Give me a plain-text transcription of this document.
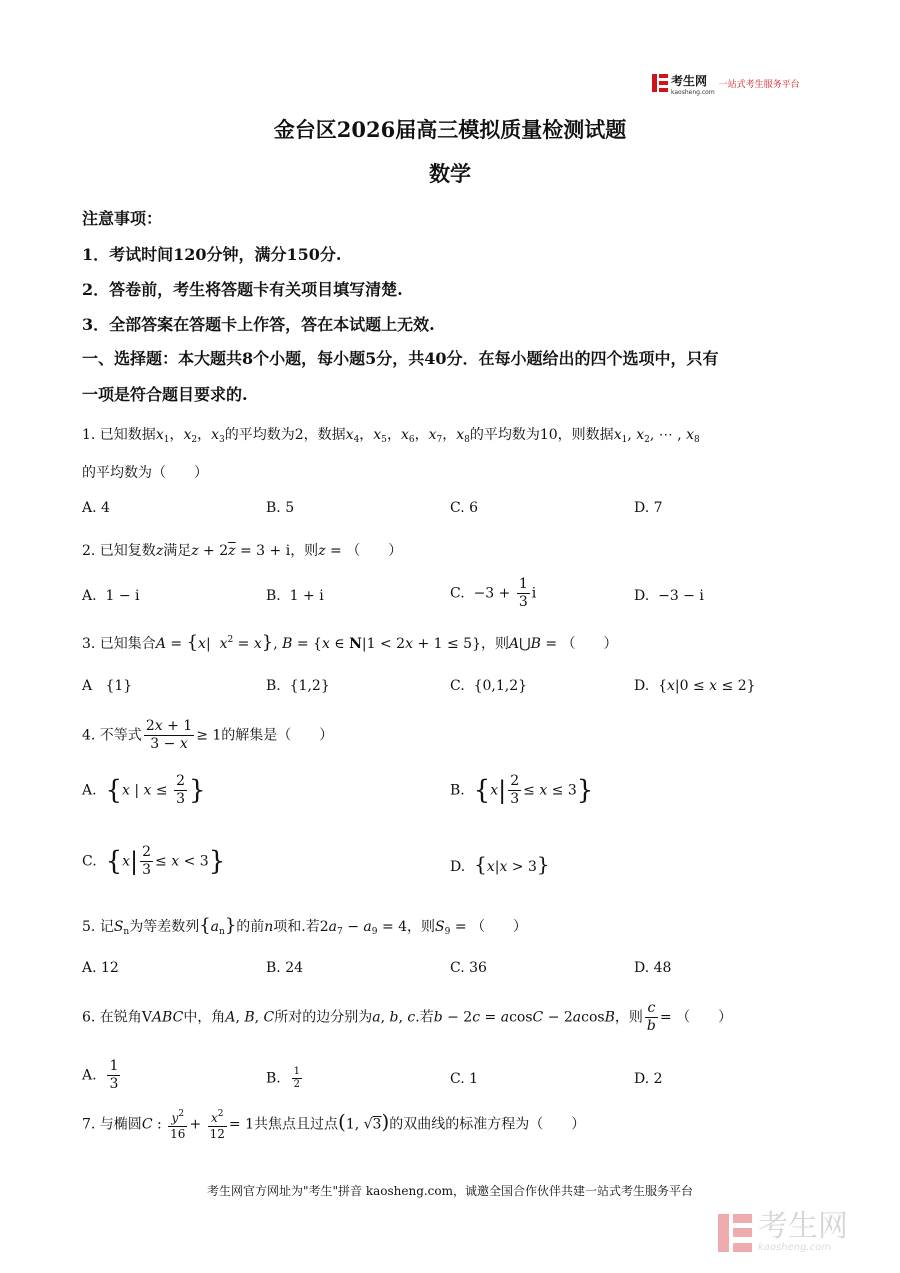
考生网
kaosheng.com
一站式考生服务平台
金台区2026届高三模拟质量检测试题
数学
注意事项：
1．考试时间120分钟，满分150分.
2．答卷前，考生将答题卡有关项目填写清楚.
3．全部答案在答题卡上作答，答在本试题上无效.
一、选择题：本大题共8个小题，每小题5分，共40分．在每小题给出的四个选项中，只有
一项是符合题目要求的.
1. 已知数据$x_1$，$x_2$，$x_3$的平均数为2，数据$x_4$，$x_5$，$x_6$，$x_7$，$x_8$的平均数为10，则数据$x_1$, $x_2$, ⋯ , $x_8$
的平均数为（　　）
A. 4	B. 5	C. 6	D. 7
2. 已知复数z满足$z + 2\overline{z} = 3 + i$，则z = （　　）
A.  1 − i	B.  1 + i	C.  $-3 + \frac{1}{3}$ i	D.  −3 − i
3. 已知集合A = {x|  $x^2 = x$}, B = {x ∈ N|1 < 2x + 1 ≤ 5}，则A⋃B = （　　）
A   {1}	B.  {1,2}	C.  {0,1,2}	D.  {x|0 ≤ x ≤ 2}
4. 不等式 $\frac{2x + 1}{3 - x} \ge 1$的解集是（　　）
A. {x | $x \le \frac{2}{3}$ }	B. $\{x| \frac{2}{3} \le x \le 3\}$
C. $\{x| \frac{2}{3} \le x < 3\}$	D. {x|x > 3}
5. 记$S_n$为等差数列$\{a_n\}$的前n项和.若$2a_7 - a_9 = 4$，则$S_9$ = （　　）
A. 12	B. 24	C. 36	D. 48
6. 在锐角VABC中，角A, B, C所对的边分别为a, b, c.若b − 2c = acosC − 2acosB，则 $\frac{c}{b}$ = （　　）
A. $\frac{1}{3}$	B. $\frac{1}{2}$	C. 1	D. 2
7. 与椭圆C : $\frac{y^2}{16} + \frac{x^2}{12} = 1$共焦点且过点(1, √3)的双曲线的标准方程为（　　）
考生网官方网址为"考生"拼音 kaosheng.com，诚邀全国合作伙伴共建一站式考生服务平台
考生网
kaosheng.com
